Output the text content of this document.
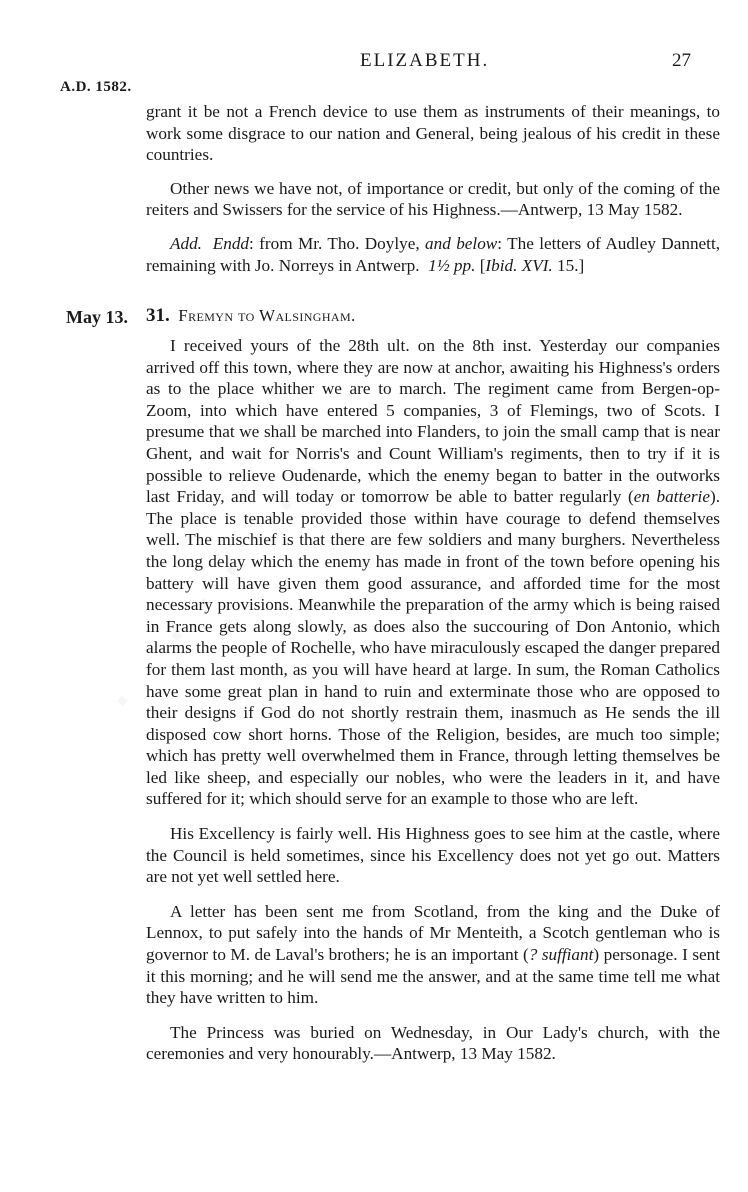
ELIZABETH.	27
A.D. 1582.
May 13.

grant it be not a French device to use them as instruments of their meanings, to work some disgrace to our nation and General, being jealous of his credit in these countries.

Other news we have not, of importance or credit, but only of the coming of the reiters and Swissers for the service of his Highness.—Antwerp, 13 May 1582.

Add. Endd: from Mr. Tho. Doylye, and below: The letters of Audley Dannett, remaining with Jo. Norreys in Antwerp. 1½ pp. [Ibid. XVI. 15.]

31. Fremyn to Walsingham.

I received yours of the 28th ult. on the 8th inst. Yesterday our companies arrived off this town, where they are now at anchor, awaiting his Highness's orders as to the place whither we are to march. The regiment came from Bergen-op-Zoom, into which have entered 5 companies, 3 of Flemings, two of Scots. I presume that we shall be marched into Flanders, to join the small camp that is near Ghent, and wait for Norris's and Count William's regiments, then to try if it is possible to relieve Oudenarde, which the enemy began to batter in the outworks last Friday, and will today or tomorrow be able to batter regularly (en batterie). The place is tenable provided those within have courage to defend themselves well. The mischief is that there are few soldiers and many burghers. Nevertheless the long delay which the enemy has made in front of the town before opening his battery will have given them good assurance, and afforded time for the most necessary provisions. Meanwhile the preparation of the army which is being raised in France gets along slowly, as does also the succouring of Don Antonio, which alarms the people of Rochelle, who have miraculously escaped the danger prepared for them last month, as you will have heard at large. In sum, the Roman Catholics have some great plan in hand to ruin and exterminate those who are opposed to their designs if God do not shortly restrain them, inasmuch as He sends the ill disposed cow short horns. Those of the Religion, besides, are much too simple; which has pretty well overwhelmed them in France, through letting themselves be led like sheep, and especially our nobles, who were the leaders in it, and have suffered for it; which should serve for an example to those who are left.

His Excellency is fairly well. His Highness goes to see him at the castle, where the Council is held sometimes, since his Excellency does not yet go out. Matters are not yet well settled here.

A letter has been sent me from Scotland, from the king and the Duke of Lennox, to put safely into the hands of Mr Menteith, a Scotch gentleman who is governor to M. de Laval's brothers; he is an important (? suffiant) personage. I sent it this morning; and he will send me the answer, and at the same time tell me what they have written to him.

The Princess was buried on Wednesday, in Our Lady's church, with the ceremonies and very honourably.—Antwerp, 13 May 1582.
